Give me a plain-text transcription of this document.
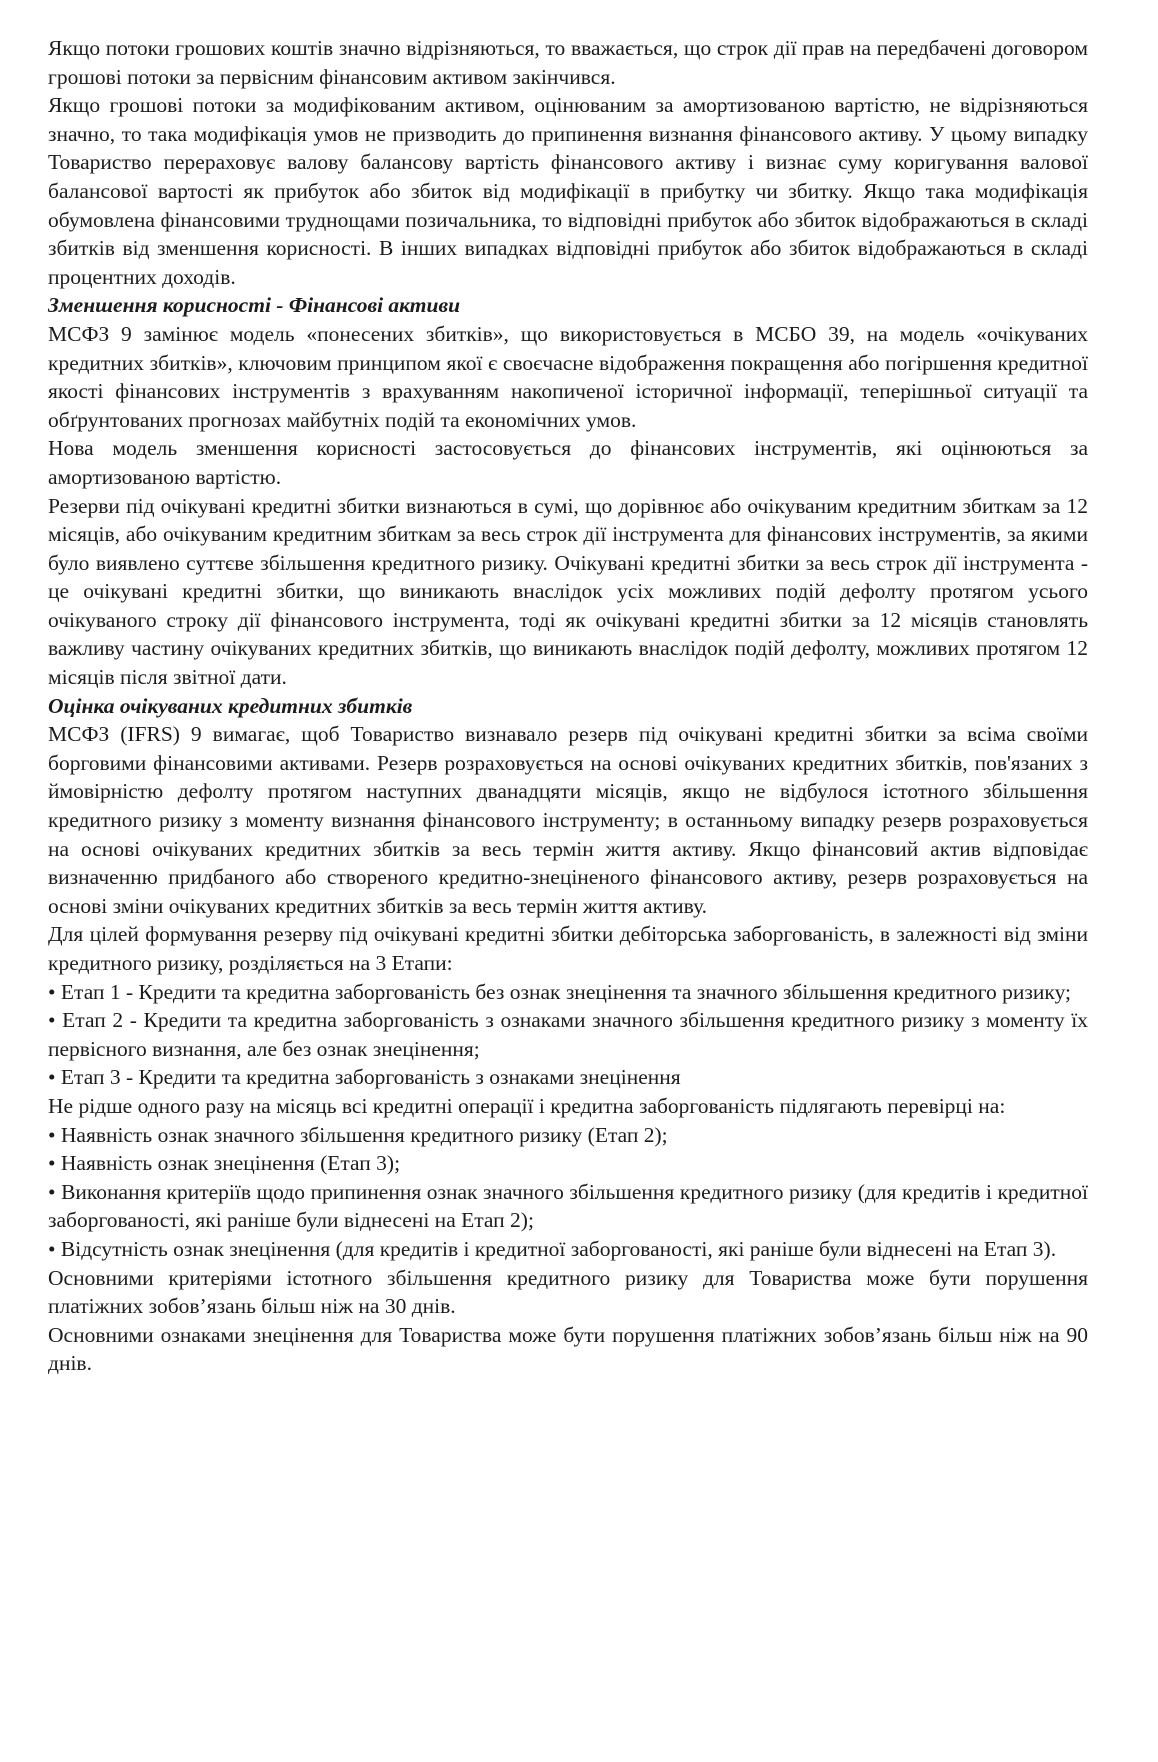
Якщо потоки грошових коштів значно відрізняються, то вважається, що строк дії прав на передбачені договором грошові потоки за первісним фінансовим активом закінчився.

Якщо грошові потоки за модифікованим активом, оцінюваним за амортизованою вартістю, не відрізняються значно, то така модифікація умов не призводить до припинення визнання фінансового активу. У цьому випадку Товариство перераховує валову балансову вартість фінансового активу і визнає суму коригування валової балансової вартості як прибуток або збиток від модифікації в прибутку чи збитку. Якщо така модифікація обумовлена фінансовими труднощами позичальника, то відповідні прибуток або збиток відображаються в складі збитків від зменшення корисності. В інших випадках відповідні прибуток або збиток відображаються в складі процентних доходів.

Зменшення корисності - Фінансові активи

МСФЗ 9 замінює модель «понесених збитків», що використовується в МСБО 39, на модель «очікуваних кредитних збитків», ключовим принципом якої є своєчасне відображення покращення або погіршення кредитної якості фінансових інструментів з врахуванням накопиченої історичної інформації, теперішньої ситуації та обґрунтованих прогнозах майбутніх подій та економічних умов.

Нова модель зменшення корисності застосовується до фінансових інструментів, які оцінюються за амортизованою вартістю.

Резерви під очікувані кредитні збитки визнаються в сумі, що дорівнює або очікуваним кредитним збиткам за 12 місяців, або очікуваним кредитним збиткам за весь строк дії інструмента для фінансових інструментів, за якими було виявлено суттєве збільшення кредитного ризику. Очікувані кредитні збитки за весь строк дії інструмента - це очікувані кредитні збитки, що виникають внаслідок усіх можливих подій дефолту протягом усього очікуваного строку дії фінансового інструмента, тоді як очікувані кредитні збитки за 12 місяців становлять важливу частину очікуваних кредитних збитків, що виникають внаслідок подій дефолту, можливих протягом 12 місяців після звітної дати.

Оцінка очікуваних кредитних збитків

МСФЗ (IFRS) 9 вимагає, щоб Товариство визнавало резерв під очікувані кредитні збитки за всіма своїми борговими фінансовими активами. Резерв розраховується на основі очікуваних кредитних збитків, пов'язаних з ймовірністю дефолту протягом наступних дванадцяти місяців, якщо не відбулося істотного збільшення кредитного ризику з моменту визнання фінансового інструменту; в останньому випадку резерв розраховується на основі очікуваних кредитних збитків за весь термін життя активу. Якщо фінансовий актив відповідає визначенню придбаного або створеного кредитно-знеціненого фінансового активу, резерв розраховується на основі зміни очікуваних кредитних збитків за весь термін життя активу.

Для цілей формування резерву під очікувані кредитні збитки дебіторська заборгованість, в залежності від зміни кредитного ризику, розділяється на 3 Етапи:

• Етап 1 - Кредити та кредитна заборгованість без ознак знецінення та значного збільшення кредитного ризику;

• Етап 2 - Кредити та кредитна заборгованість з ознаками значного збільшення кредитного ризику з моменту їх первісного визнання, але без ознак знецінення;

• Етап 3 - Кредити та кредитна заборгованість з ознаками знецінення

Не рідше одного разу на місяць всі кредитні операції і кредитна заборгованість підлягають перевірці на:

• Наявність ознак значного збільшення кредитного ризику (Етап 2);

• Наявність ознак знецінення (Етап 3);

• Виконання критеріїв щодо припинення ознак значного збільшення кредитного ризику (для кредитів і кредитної заборгованості, які раніше були віднесені на Етап 2);

• Відсутність ознак знецінення (для кредитів і кредитної заборгованості, які раніше були віднесені на Етап 3).

Основними критеріями істотного збільшення кредитного ризику для Товариства може бути порушення платіжних зобов’язань більш ніж на 30 днів.

Основними ознаками знецінення для Товариства може бути порушення платіжних зобов’язань більш ніж на 90 днів.
